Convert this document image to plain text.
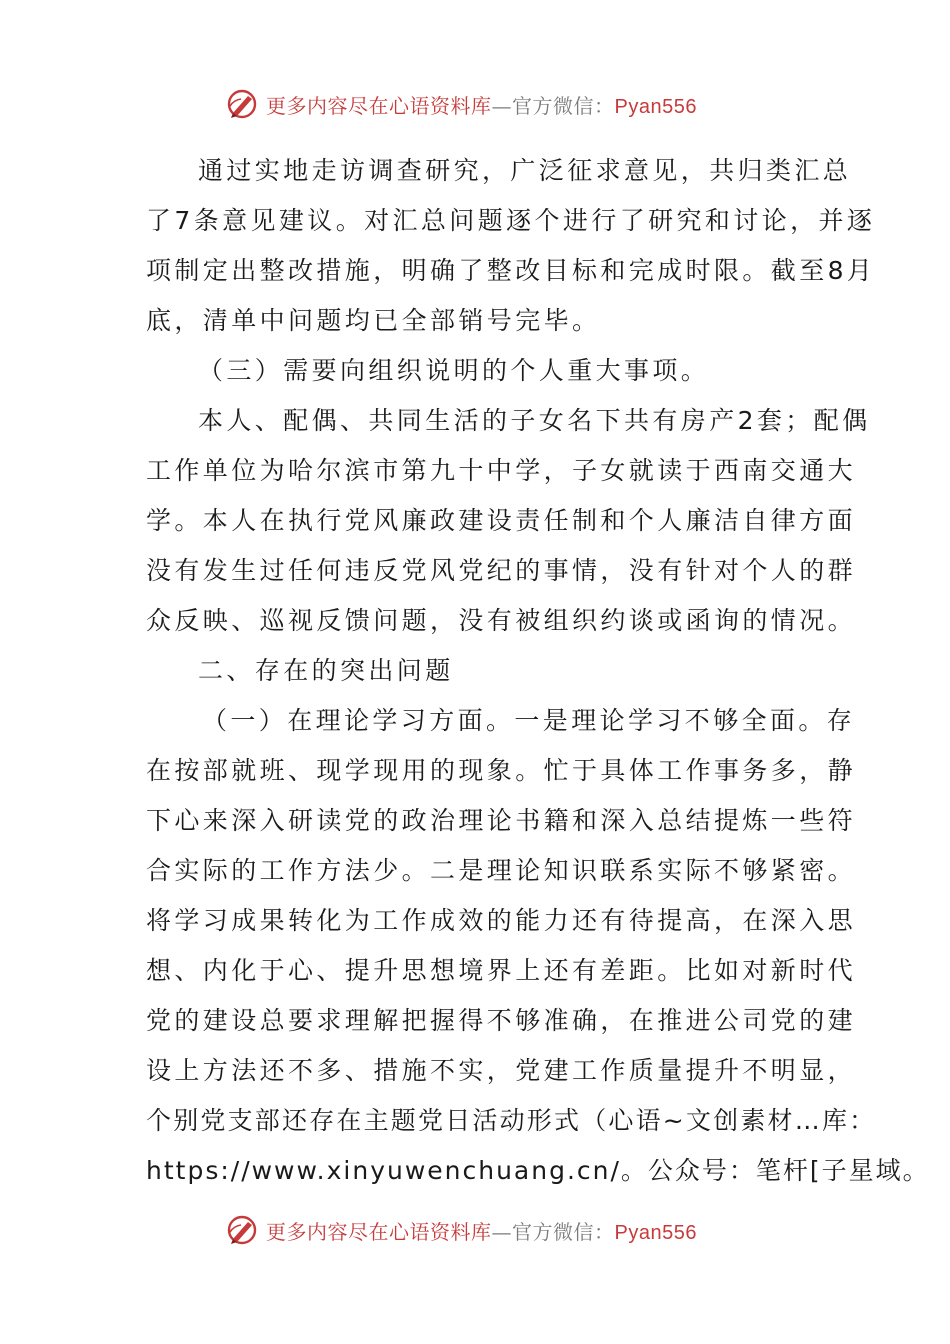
更多内容尽在心语资料库—官方微信：Pyan556
通过实地走访调查研究，广泛征求意见，共归类汇总
了7条意见建议。对汇总问题逐个进行了研究和讨论，并逐
项制定出整改措施，明确了整改目标和完成时限。截至8月
底，清单中问题均已全部销号完毕。
（三）需要向组织说明的个人重大事项。
本人、配偶、共同生活的子女名下共有房产2套；配偶
工作单位为哈尔滨市第九十中学，子女就读于西南交通大
学。本人在执行党风廉政建设责任制和个人廉洁自律方面
没有发生过任何违反党风党纪的事情，没有针对个人的群
众反映、巡视反馈问题，没有被组织约谈或函询的情况。
二、存在的突出问题
（一）在理论学习方面。一是理论学习不够全面。存
在按部就班、现学现用的现象。忙于具体工作事务多，静
下心来深入研读党的政治理论书籍和深入总结提炼一些符
合实际的工作方法少。二是理论知识联系实际不够紧密。
将学习成果转化为工作成效的能力还有待提高，在深入思
想、内化于心、提升思想境界上还有差距。比如对新时代
党的建设总要求理解把握得不够准确，在推进公司党的建
设上方法还不多、措施不实，党建工作质量提升不明显，
个别党支部还存在主题党日活动形式（心语~文创素材…库：
https://www.xinyuwenchuang.cn/。公众号：笔杆[子星域。
更多内容尽在心语资料库—官方微信：Pyan556
